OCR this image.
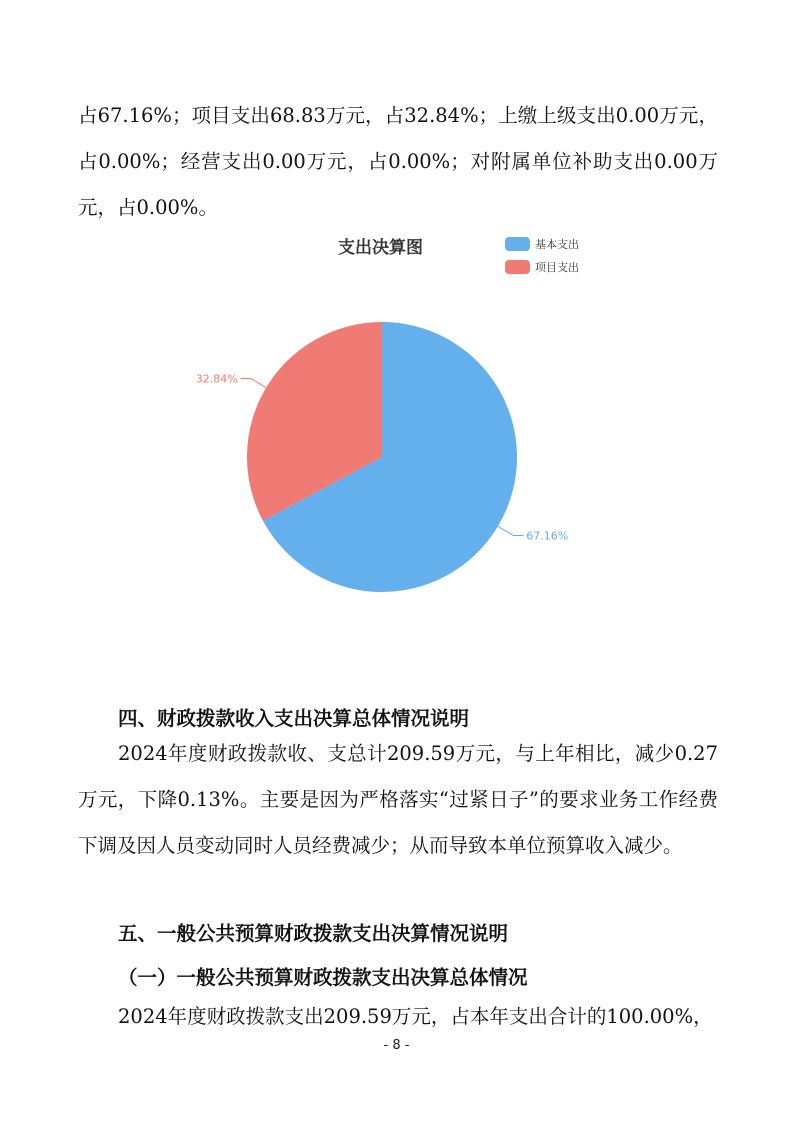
占67.16%；项目支出68.83万元，占32.84%；上缴上级支出0.00万元，占0.00%；经营支出0.00万元，占0.00%；对附属单位补助支出0.00万元，占0.00%。

支出决算图	基本支出
项目支出
67.16%
32.84%
四、财政拨款收入支出决算总体情况说明

2024年度财政拨款收、支总计209.59万元，与上年相比，减少0.27万元，下降0.13%。主要是因为严格落实“过紧日子”的要求业务工作经费下调及因人员变动同时人员经费减少；从而导致本单位预算收入减少。

五、一般公共预算财政拨款支出决算情况说明
（一）一般公共预算财政拨款支出决算总体情况

2024年度财政拨款支出209.59万元，占本年支出合计的100.00%，

- 8 -
